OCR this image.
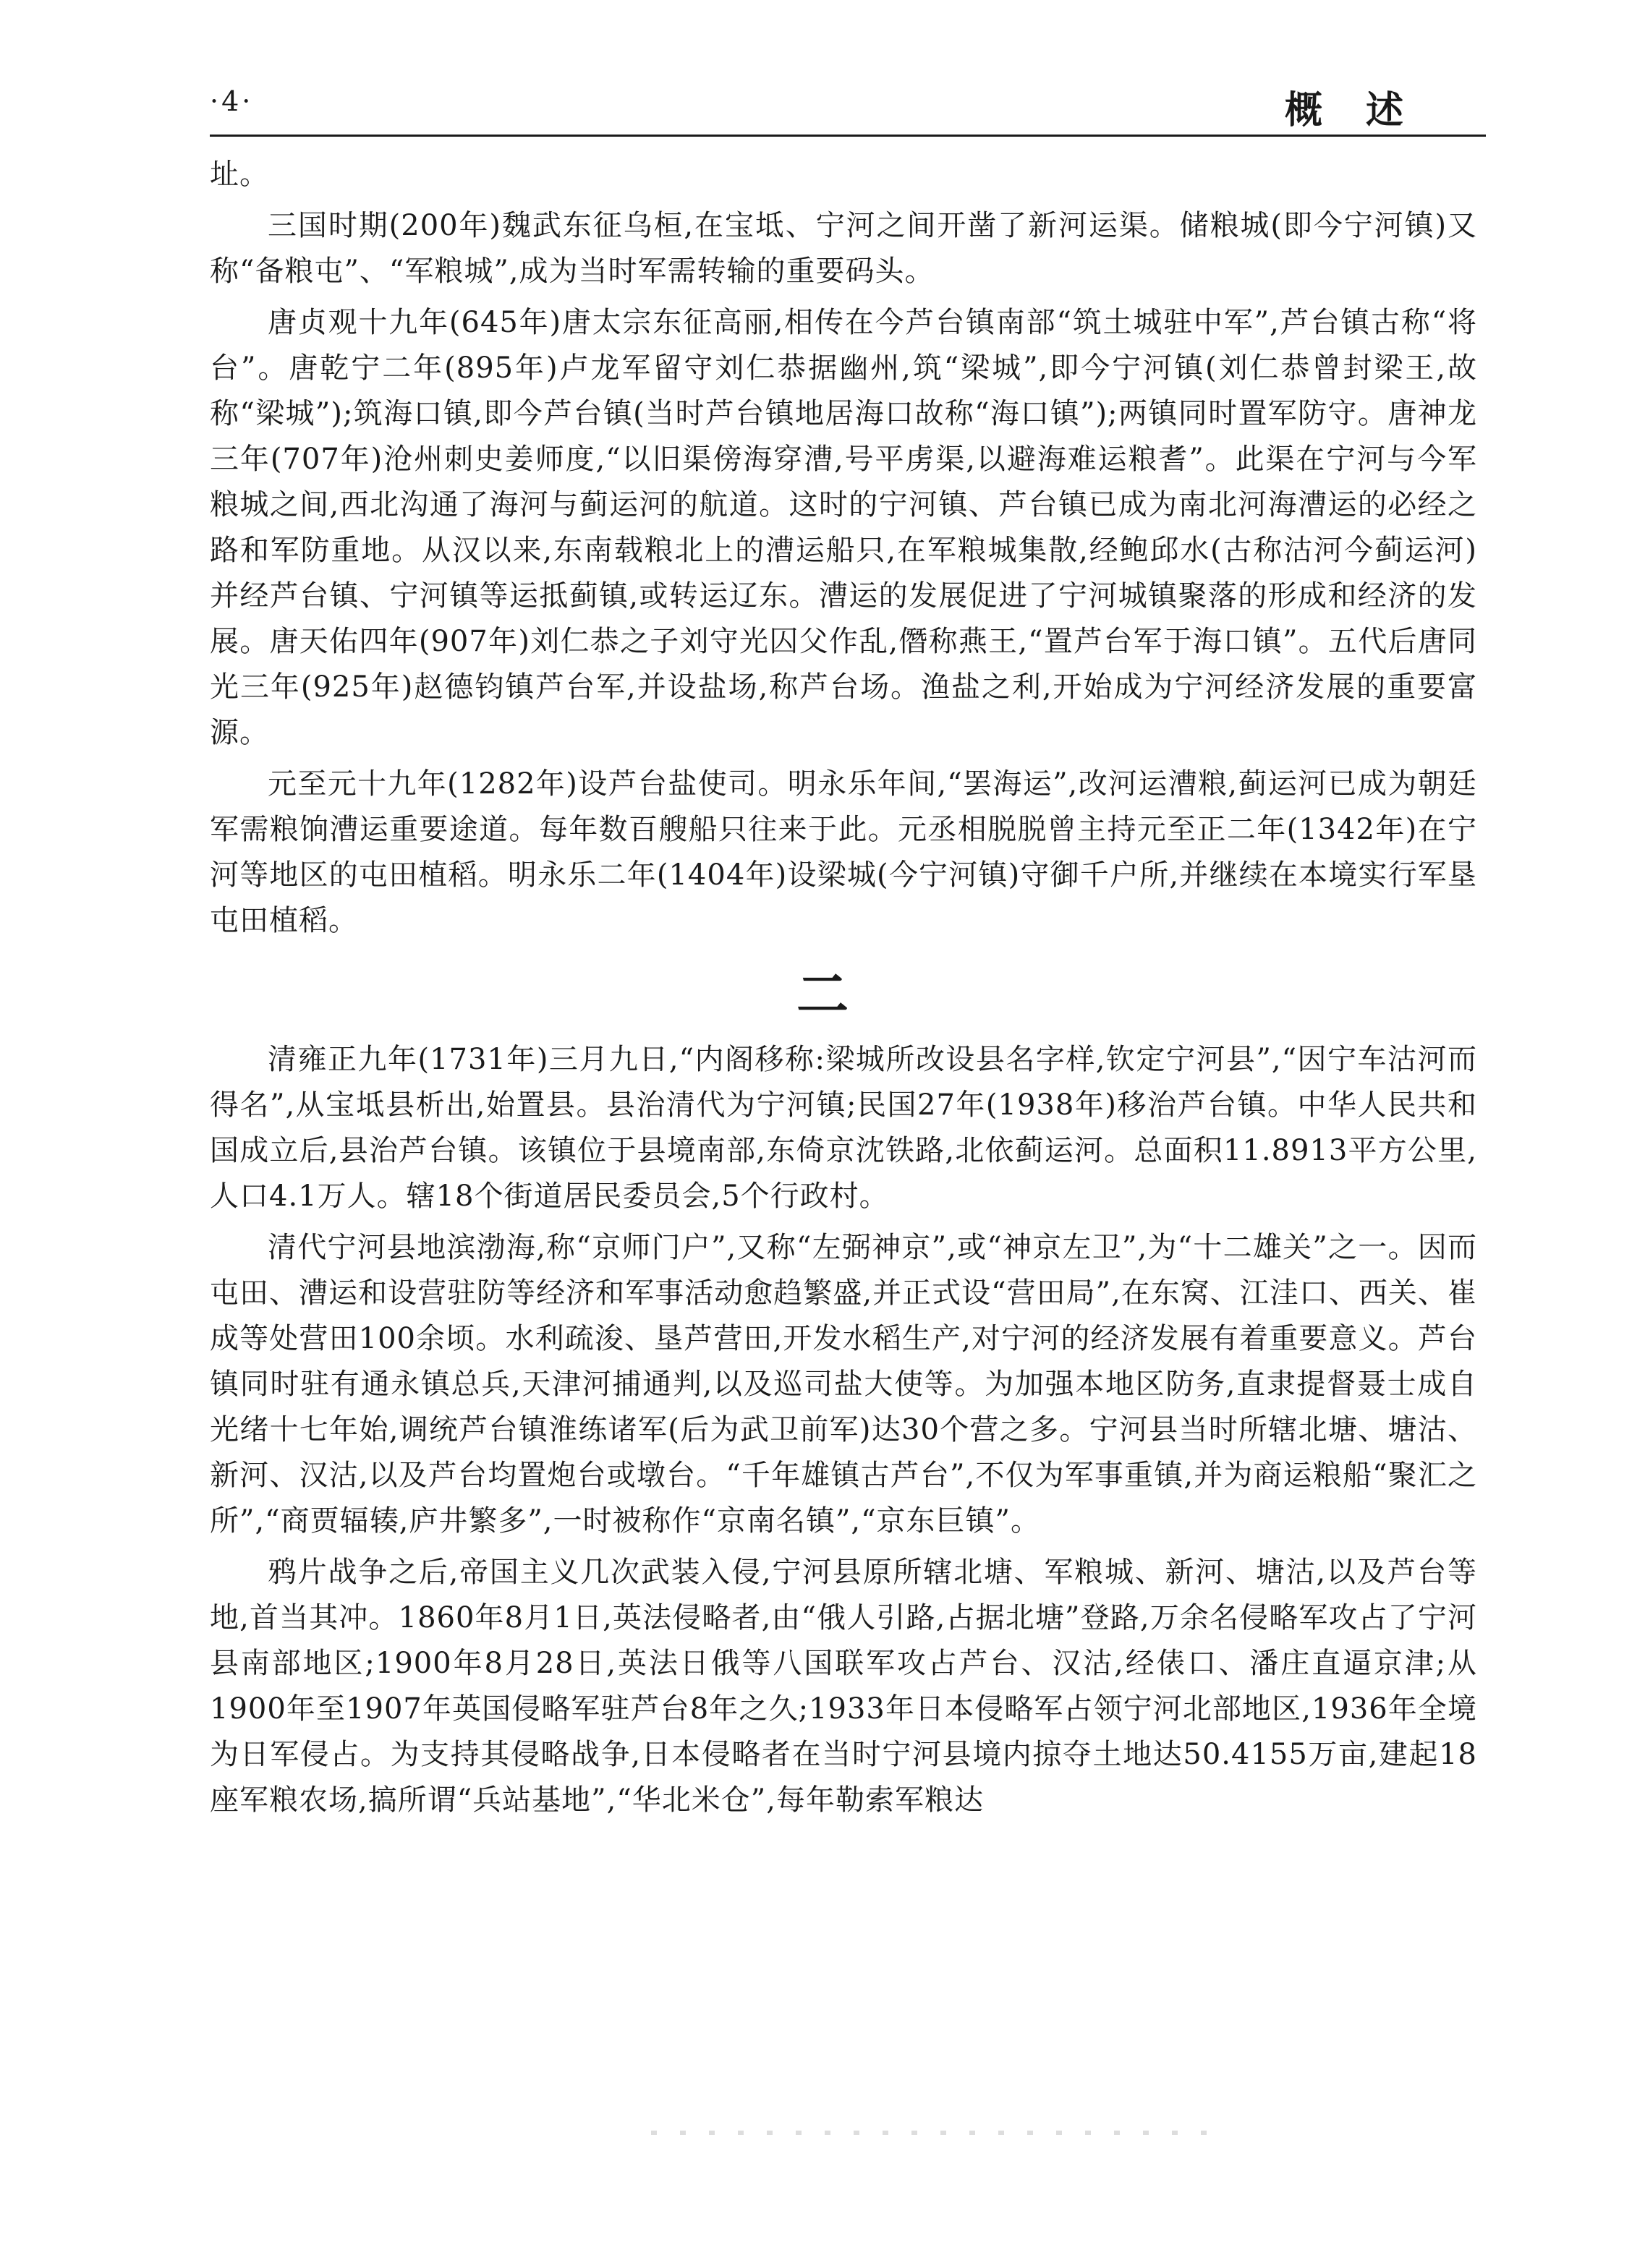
·4·	概述

址。

三国时期(200年)魏武东征乌桓,在宝坻、宁河之间开凿了新河运渠。储粮城(即今宁河镇)又称“备粮屯”、“军粮城”,成为当时军需转输的重要码头。

唐贞观十九年(645年)唐太宗东征高丽,相传在今芦台镇南部“筑土城驻中军”,芦台镇古称“将台”。唐乾宁二年(895年)卢龙军留守刘仁恭据幽州,筑“梁城”,即今宁河镇(刘仁恭曾封梁王,故称“梁城”);筑海口镇,即今芦台镇(当时芦台镇地居海口故称“海口镇”);两镇同时置军防守。唐神龙三年(707年)沧州刺史姜师度,“以旧渠傍海穿漕,号平虏渠,以避海难运粮耆”。此渠在宁河与今军粮城之间,西北沟通了海河与蓟运河的航道。这时的宁河镇、芦台镇已成为南北河海漕运的必经之路和军防重地。从汉以来,东南载粮北上的漕运船只,在军粮城集散,经鲍邱水(古称沽河今蓟运河)并经芦台镇、宁河镇等运抵蓟镇,或转运辽东。漕运的发展促进了宁河城镇聚落的形成和经济的发展。唐天佑四年(907年)刘仁恭之子刘守光囚父作乱,僭称燕王,“置芦台军于海口镇”。五代后唐同光三年(925年)赵德钧镇芦台军,并设盐场,称芦台场。渔盐之利,开始成为宁河经济发展的重要富源。

元至元十九年(1282年)设芦台盐使司。明永乐年间,“罢海运”,改河运漕粮,蓟运河已成为朝廷军需粮饷漕运重要途道。每年数百艘船只往来于此。元丞相脱脱曾主持元至正二年(1342年)在宁河等地区的屯田植稻。明永乐二年(1404年)设梁城(今宁河镇)守御千户所,并继续在本境实行军垦屯田植稻。

二

清雍正九年(1731年)三月九日,“内阁移称:梁城所改设县名字样,钦定宁河县”,“因宁车沽河而得名”,从宝坻县析出,始置县。县治清代为宁河镇;民国27年(1938年)移治芦台镇。中华人民共和国成立后,县治芦台镇。该镇位于县境南部,东倚京沈铁路,北依蓟运河。总面积11.8913平方公里,人口4.1万人。辖18个街道居民委员会,5个行政村。

清代宁河县地滨渤海,称“京师门户”,又称“左弼神京”,或“神京左卫”,为“十二雄关”之一。因而屯田、漕运和设营驻防等经济和军事活动愈趋繁盛,并正式设“营田局”,在东窝、江洼口、西关、崔成等处营田100余顷。水利疏浚、垦芦营田,开发水稻生产,对宁河的经济发展有着重要意义。芦台镇同时驻有通永镇总兵,天津河捕通判,以及巡司盐大使等。为加强本地区防务,直隶提督聂士成自光绪十七年始,调统芦台镇淮练诸军(后为武卫前军)达30个营之多。宁河县当时所辖北塘、塘沽、新河、汉沽,以及芦台均置炮台或墩台。“千年雄镇古芦台”,不仅为军事重镇,并为商运粮船“聚汇之所”,“商贾辐辏,庐井繁多”,一时被称作“京南名镇”,“京东巨镇”。

鸦片战争之后,帝国主义几次武装入侵,宁河县原所辖北塘、军粮城、新河、塘沽,以及芦台等地,首当其冲。1860年8月1日,英法侵略者,由“俄人引路,占据北塘”登路,万余名侵略军攻占了宁河县南部地区;1900年8月28日,英法日俄等八国联军攻占芦台、汉沽,经俵口、潘庄直逼京津;从1900年至1907年英国侵略军驻芦台8年之久;1933年日本侵略军占领宁河北部地区,1936年全境为日军侵占。为支持其侵略战争,日本侵略者在当时宁河县境内掠夺土地达50.4155万亩,建起18座军粮农场,搞所谓“兵站基地”,“华北米仓”,每年勒索军粮达
